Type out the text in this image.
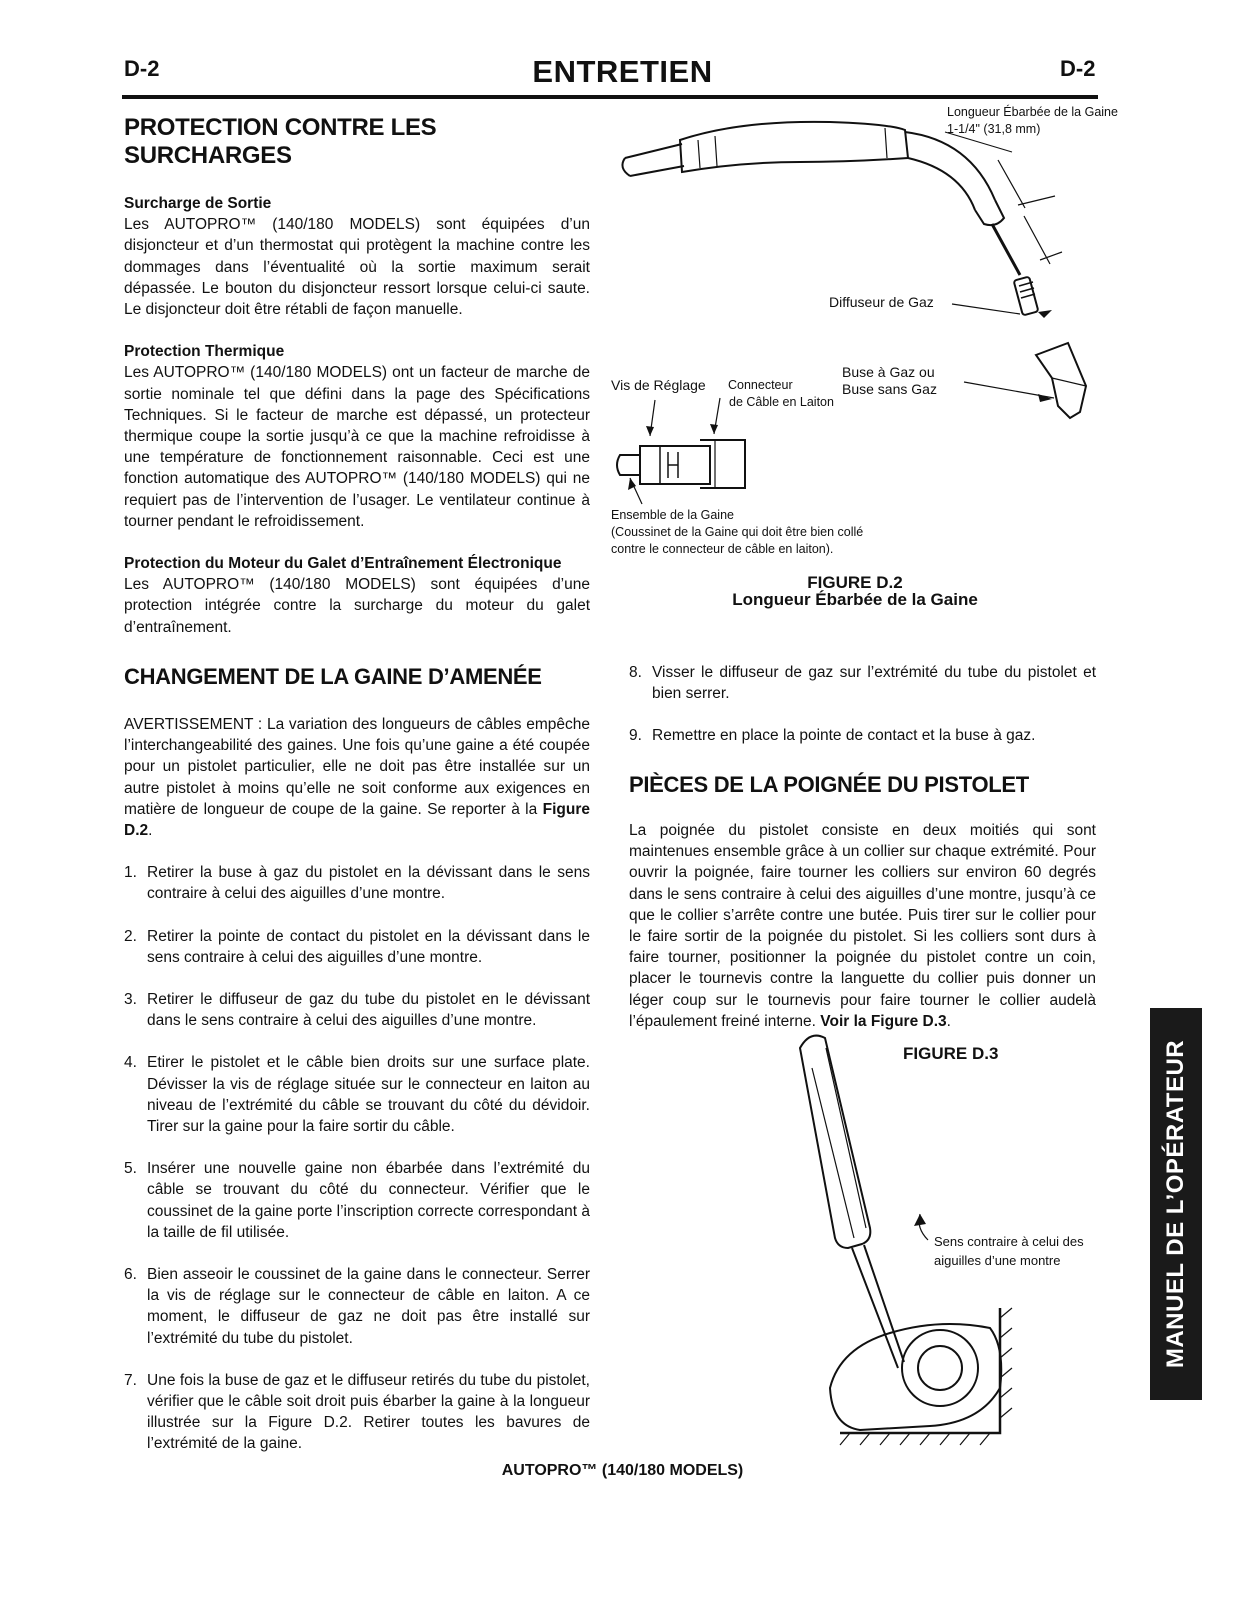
D-2	ENTRETIEN	D-2
PROTECTION CONTRE LES SURCHARGES

Surcharge de Sortie
Les AUTOPRO™ (140/180 MODELS) sont équipées d’un disjoncteur et d’un thermostat qui protègent la machine contre les dommages dans l’éventualité où la sortie maximum serait dépassée. Le bouton du disjoncteur ressort lorsque celui-ci saute. Le disjoncteur doit être rétabli de façon manuelle.

Protection Thermique
Les AUTOPRO™ (140/180 MODELS) ont un facteur de marche de sortie nominale tel que défini dans la page des Spécifications Techniques. Si le facteur de marche est dépassé, un protecteur thermique coupe la sortie jusqu’à ce que la machine refroidisse à une température de fonctionnement raisonnable. Ceci est une fonction automatique des AUTOPRO™ (140/180 MODELS) qui ne requiert pas de l’intervention de l’usager. Le ventilateur continue à tourner pendant le refroidissement.

Protection du Moteur du Galet d’Entraînement Électronique
Les AUTOPRO™ (140/180 MODELS) sont équipées d’une protection intégrée contre la surcharge du moteur du galet d’entraînement.

Longueur Ébarbée de la Gaine
1-1/4" (31,8 mm)
Diffuseur de Gaz
Buse à Gaz ou
Buse sans Gaz
Vis de Réglage Connecteur
de Câble en Laiton
Ensemble de la Gaine
(Coussinet de la Gaine qui doit être bien collé
contre le connecteur de câble en laiton).
FIGURE D.2
Longueur Ébarbée de la Gaine
CHANGEMENT DE LA GAINE D’AMENÉE

AVERTISSEMENT : La variation des longueurs de câbles empêche l’interchangeabilité des gaines. Une fois qu’une gaine a été coupée pour un pistolet particulier, elle ne doit pas être installée sur un autre pistolet à moins qu’elle ne soit conforme aux exigences en matière de longueur de coupe de la gaine. Se reporter à la Figure D.2.

1. Retirer la buse à gaz du pistolet en la dévissant dans le sens contraire à celui des aiguilles d’une montre.
2. Retirer la pointe de contact du pistolet en la dévissant dans le sens contraire à celui des aiguilles d’une montre.
3. Retirer le diffuseur de gaz du tube du pistolet en le dévissant dans le sens contraire à celui des aiguilles d’une montre.
4. Etirer le pistolet et le câble bien droits sur une surface plate. Dévisser la vis de réglage située sur le connecteur en laiton au niveau de l’extrémité du câble se trouvant du côté du dévidoir. Tirer sur la gaine pour la faire sortir du câble.
5. Insérer une nouvelle gaine non ébarbée dans l’extrémité du câble se trouvant du côté du connecteur. Vérifier que le coussinet de la gaine porte l’inscription correcte correspondant à la taille de fil utilisée.
6. Bien asseoir le coussinet de la gaine dans le connecteur. Serrer la vis de réglage sur le connecteur de câble en laiton. A ce moment, le diffuseur de gaz ne doit pas être installé sur l’extrémité du tube du pistolet.
7. Une fois la buse de gaz et le diffuseur retirés du tube du pistolet, vérifier que le câble soit droit puis ébarber la gaine à la longueur illustrée sur la Figure D.2. Retirer toutes les bavures de l’extrémité de la gaine.
8. Visser le diffuseur de gaz sur l’extrémité du tube du pistolet et bien serrer.
9. Remettre en place la pointe de contact et la buse à gaz.
PIÈCES DE LA POIGNÉE DU PISTOLET

La poignée du pistolet consiste en deux moitiés qui sont maintenues ensemble grâce à un collier sur chaque extrémité. Pour ouvrir la poignée, faire tourner les colliers sur environ 60 degrés dans le sens contraire à celui des aiguilles d’une montre, jusqu’à ce que le collier s’arrête contre une butée. Puis tirer sur le collier pour le faire sortir de la poignée du pistolet. Si les colliers sont durs à faire tourner, positionner la poignée du pistolet contre un coin, placer le tournevis contre la languette du collier puis donner un léger coup sur le tournevis pour faire tourner le collier audelà l’épaulement freiné interne. Voir la Figure D.3.

FIGURE D.3
Sens contraire à celui des
aiguilles d’une montre	MANUEL DE L’OPÉRATEUR
AUTOPRO™ (140/180 MODELS)
